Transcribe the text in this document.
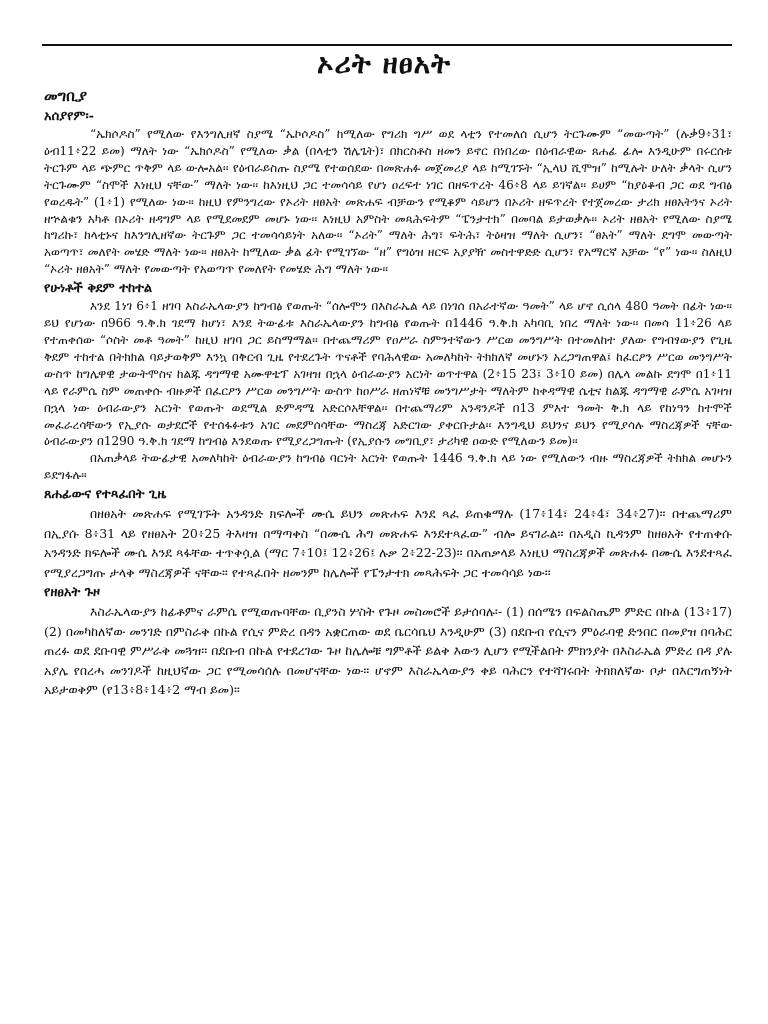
ኦሪት ዘፀአት
መግቢያ
አሰያየም፡-

“ኤክሶዶስ” የሚለው የእንግሊዘኛ ስያሜ “ኤኮሶዶስ” ከሚለው የግሪክ ግሥ ወደ ላቲን የተመለሰ ሲሆን ትርጉሙም “መውጣት” (ሉቃ9፥31፣ ዕብ11፥22 ይመ) ማለት ነው “ኤክሶዶስ” የሚለው ቃል (በላቲን ሽሌጌት)፣ በክርስቶስ ዘመን ይኖር በነበረው በዕብራዊው ጸሐፊ ፊሎ እንዲሁም በሩርሰቱ ትርጉም ላይ ጭምር ጥቅም ላይ ውሎአል፡፡ የዕብራይስጡ ስያሜ የተወሰደው በመጽሐፉ መጀመሪያ ላይ ከሚገኙት “ኢላህ ሺሞዝ” ከሚሉት ሁለት ቃላት ሲሆን ትርጉሙም “ስሞች እነዚህ ናቸው” ማለት ነው፡፡ ከእነዚህ ጋር ተመሳሳይ የሆነ ዐረፍተ ነገር በዘፍጥረት 46፥8 ላይ ይገኛል፡፡ ይሀም “ከያዕቆብ ጋር ወደ ግብፅ የወረዱት” (1፥1) የሚለው ነው፡፡ ከዚህ የምንግረው የኦሪት ዘፀአት መጽሐፍ ብቻውን የሚቆም ሳይሆን በኦሪት ዘፍጥረት የተጀመረው ታሪክ ዘፀአትንና ኦሪት ዘኍልቁን አካቶ በኦሪት ዘዳግም ላይ የሚደመደም መሆኑ ነው፡፡ እነዚህ አምስት መጻሕፍትም “ፔንታተክ” በመባል ይታወቃሉ፡፡ ኦሪት ዘፀአት የሚለው ስያሜ ከግሪኩ፣ ከላቲኑና ከእንግሊዘኛው ትርጉም ጋር ተመሳሳይነት አለው፡፡ “ኦሪት” ማለት ሕግ፣ ፍትሕ፣ ትዕዛዝ ማለት ሲሆን፣ “ፀአት” ማለት ደግሞ መውጣት አወጣጥ፣ መለየት መሄድ ማለት ነው፡፡ ዘፀአት ከሚለው ቃል ፊት የሚገኘው “ዘ” የግዕዝ ዘርፍ አያያዥ መስተዋድድ ሲሆን፣ የአማርኛ አቻው “የ” ነው፡፡ ስለዚህ “ኦሪት ዘፀአት” ማለት የመውጣት የአወጣጥ የመለየት የመሄድ ሕግ ማለት ነው፡፡

የሁነቶች ቅደም ተከተል

እንደ 1ነገ 6፥1 ዘገባ እስራኤላውያን ከግብፅ የወጡት “ሰሎሞን በእስራኤል ላይ በነገሰ በአራተኛው ዓመት” ላይ ሆኖ ሲሰላ 480 ዓመት በፊት ነው፡፡ ይህ የሆነው በ966 ዓ.ቅ.ክ ገደማ ከሆነ፣ እንደ ትውፊቱ እስራኤላውያን ከግብፅ የወጡት በ1446 ዓ.ቅ.ክ አካባቢ ነበረ ማለት ነው፡፡ በመሳ 11፥26 ላይ የተጠቀሰው “ሶስት መቶ ዓመት” ከዚህ ዘገባ ጋር ይስማማል፡፡ በተጨማሪም የዐሥራ ስምንተኛውን ሥርወ መንግሥት በተመለከተ ያለው የግብፃውያን የጊዜ ቅደም ተከተል በትክክል ባይታወቅም እንኳ በቅርብ ጊዜ የተደረጉት ጥናቶች የባሕላዊው አመለካከት ትክክለኛ መሆኑን አረጋግጠዋል፤ ከፈርዖን ሥርወ መንግሥት ውስጥ ከግሌዋዊ ታውትሞስና ከልጁ ዳግማዊ አሙዋቴፕ አገዛዝ በኋላ ዕብራውያን አርነት ወጥተዋል (2፥15 23፤ 3፥10 ይመ) በሌላ መልኩ ደግሞ በ1፥11 ላይ የራምሴ ስም መጠቀሱ ብዙዎች በፈርዖን ሥርወ መንግሥት ውስጥ ከዐሥራ ዘጠነኛቹ መንግሥታት ማለትም ከቀዳማዊ ሴቲና ከልጁ ዳግማዊ ራምሴ አገዛዝ በኋላ ነው ዕብራውያን አርነት የወጡት ወደሚል ድምዳሜ አድርሶአቸዋል፡፡ በተጨማሪም አንዳንዶች በ13 ምእተ ዓመት ቅ.ክ ላይ የከነዓን ከተሞች መፈራረሳቸውን የኢያሱ ወታደሮች የተሰፋፉቱን አገር መደምሰሳቸው ማስረጃ አድርገው ያቀርቡታል፡፡ እንግዲህ ይህንና ይህን የሚያሳሉ ማስረጃዎች ናቸው ዕብራውያን በ1290 ዓ.ቅ.ክ ገደማ ከግብፅ እንደወጡ የሚያረጋግጡት (የኢያሱን መግቢያ፣ ታሪካዊ ዐውድ የሚለውን ይመ)፡፡

በአጠቃላይ ትውፊታዊ አመለካከት ዕብራውያን ከግብፅ ባርነት አርነት የወጡት 1446 ዓ.ቅ.ክ ላይ ነው የሚለውን ብዙ ማስረጃዎች ትክክል መሆኑን ይደግፋሉ፡፡

ጸሐፊውና የተጻፈበት ጊዜ

በዘፀአት መጽሐፍ የሚገኙት አንዳንድ ክፍሎች ሙሴ ይህን መጽሐፍ እንደ ጻፈ ይጠቁማሉ (17፥14፣ 24፥4፣ 34፥27)፡፡ በተጨማሪም በኢያሱ 8፥31 ላይ የዘፀአት 20፥25 ትእዛዝ በማጣቀስ “በሙሴ ሕግ መጽሐፍ እንደተጻፈው” ብሎ ይናገራል፡፡ በአዲስ ኪዳንም ከዘፀአት የተጠቀሱ አንዳንድ ክፍሎች ሙሴ እንደ ጻፋቸው ተጥቅሷል (ማር 7፥10፤ 12፥26፤ ሉቃ 2፥22-23)፡፡ በአጠቃላይ እነዚህ ማስረጃዎች መጽሐፉ በሙሴ እንደተጻፈ የሚያረጋግጡ ታላቅ ማስረጃዎች ናቸው፡፡ የተጻፈበት ዘመንም ከሌሎች የፔንታተክ መጻሕፍት ጋር ተመሳሳይ ነው፡፡

የዘፀአት ጉዞ

እስራኤላውያን ከፊቶምና ራምሴ የሚወጡባቸው ቢያንስ ሦስት የጉዞ መስመሮች ይታሰባሉ፡- (1) በሰሜን በፍልስጤም ምድር በኩል (13፥17) (2) በመካከለኛው መንገድ በምስራቅ በኩል የሲና ምድረ በዳን አቋርጠው ወደ ቤርሳቤህ እንዲሁም (3) በደቡብ የሲናን ምዕራባዊ ድንበር በመያዝ በባሕር ጠረፉ ወደ ደቡባዊ ምሥራቅ መጓዝ፡፡ በደቡብ በኩል የተደረገው ጉዞ ከሌሎቹ ግምቶች ይልቅ እውን ሊሆን የሚችልበት ምክንያት በእስራኤል ምድረ በዳ ያሉ አያሌ የበረሓ መንገዶች ከዚህኛው ጋር የሚመሳሰሉ በመሆናቸው ነው፡፡ ሆኖም እስራኤላውያን ቀይ ባሕርን የተሻገሩበት ትክክለኛው ቦታ በእርግጠኝነት አይታወቅም (የ13፥8፥14፥2 ማብ ይመ)፡፡
